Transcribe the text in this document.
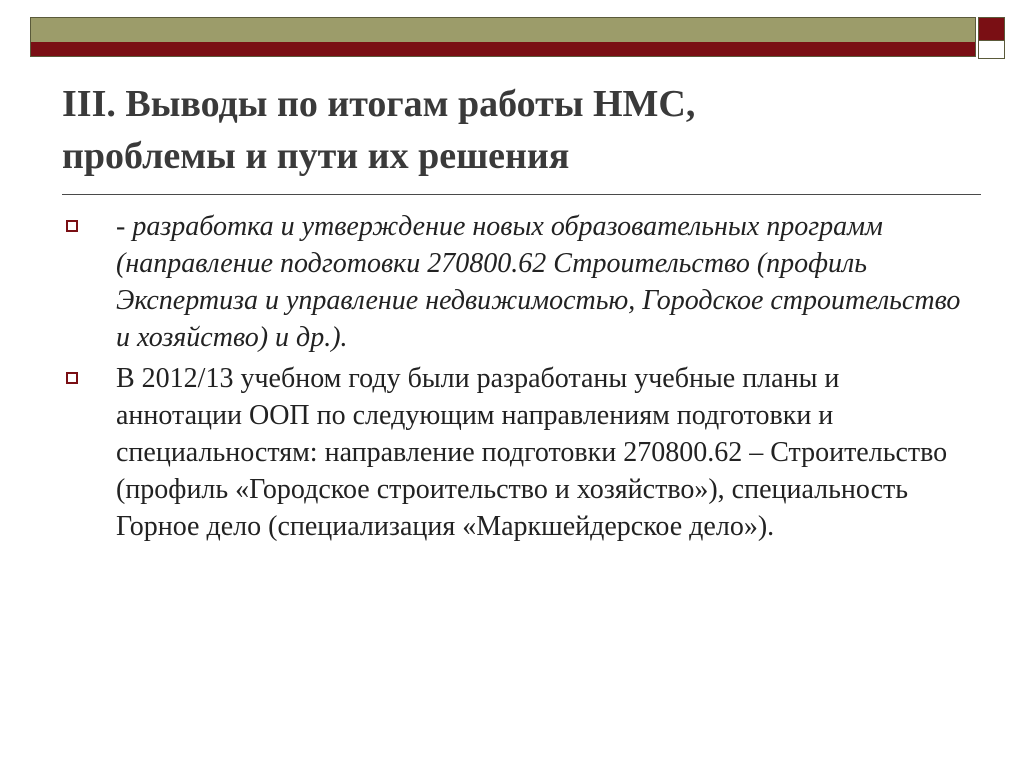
III. Выводы по итогам работы НМС,
проблемы и пути их решения
- разработка и утверждение новых образовательных программ (направление подготовки 270800.62 Строительство (профиль Экспертиза и управление недвижимостью, Городское строительство и хозяйство) и др.).
В 2012/13 учебном году были разработаны учебные планы и аннотации ООП по следующим направлениям подготовки и специальностям: направление подготовки 270800.62 – Строительство (профиль «Городское строительство и хозяйство»), специальность Горное дело (специализация «Маркшейдерское дело»).
